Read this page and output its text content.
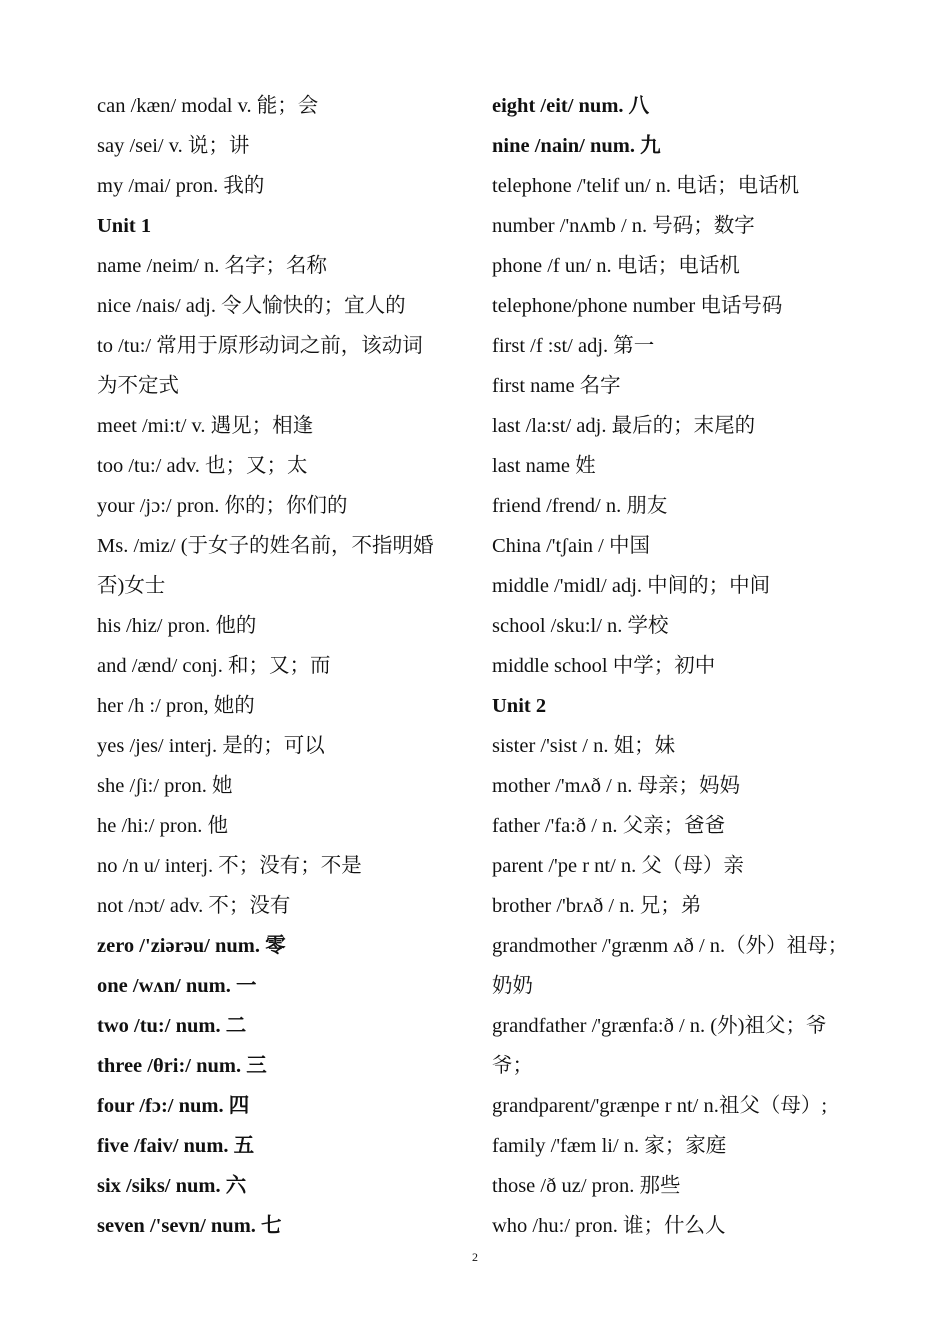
can /kæn/ modal v. 能；会
say /sei/ v. 说；讲
my /mai/ pron. 我的
Unit 1
name /neim/ n. 名字；名称
nice /nais/ adj. 令人愉快的；宜人的
to /tu:/ 常用于原形动词之前，该动词
为不定式
meet /mi:t/ v. 遇见；相逢
too /tu:/ adv. 也；又；太
your /jɔ:/ pron. 你的；你们的
Ms. /miz/ (于女子的姓名前，不指明婚
否)女士
his /hiz/ pron. 他的
and /ænd/ conj. 和；又；而
her /h :/ pron, 她的
yes /jes/ interj. 是的；可以
she /ʃi:/ pron. 她
he /hi:/ pron. 他
no /n u/ interj. 不；没有；不是
not /nɔt/ adv. 不；没有
zero /'ziərəu/ num. 零
one /wʌn/ num. 一
two /tu:/ num. 二
three /θri:/ num. 三
four /fɔ:/ num. 四
five /faiv/ num. 五
six /siks/ num. 六
seven /'sevn/ num. 七
eight /eit/ num. 八
nine /nain/ num. 九
telephone /'telif un/ n. 电话；电话机
number /'nʌmb / n. 号码；数字
phone /f un/ n. 电话；电话机
telephone/phone number 电话号码
first /f :st/ adj. 第一
first name 名字
last /la:st/ adj. 最后的；末尾的
last name 姓
friend /frend/ n. 朋友
China /'tʃain / 中国
middle /'midl/ adj. 中间的；中间
school /sku:l/ n. 学校
middle school 中学；初中
Unit 2
sister /'sist / n. 姐；妹
mother /'mʌð / n. 母亲；妈妈
father /'fa:ð / n. 父亲；爸爸
parent /'pe r nt/ n. 父（母）亲
brother /'brʌð / n. 兄；弟
grandmother /'grænm ʌð / n.（外）祖母；
奶奶
grandfather /'grænfa:ð / n. (外)祖父；爷
爷；
grandparent/'grænpe r nt/ n.祖父（母）;
family /'fæm li/ n. 家；家庭
those /ð uz/ pron. 那些
who /hu:/ pron. 谁；什么人
2
